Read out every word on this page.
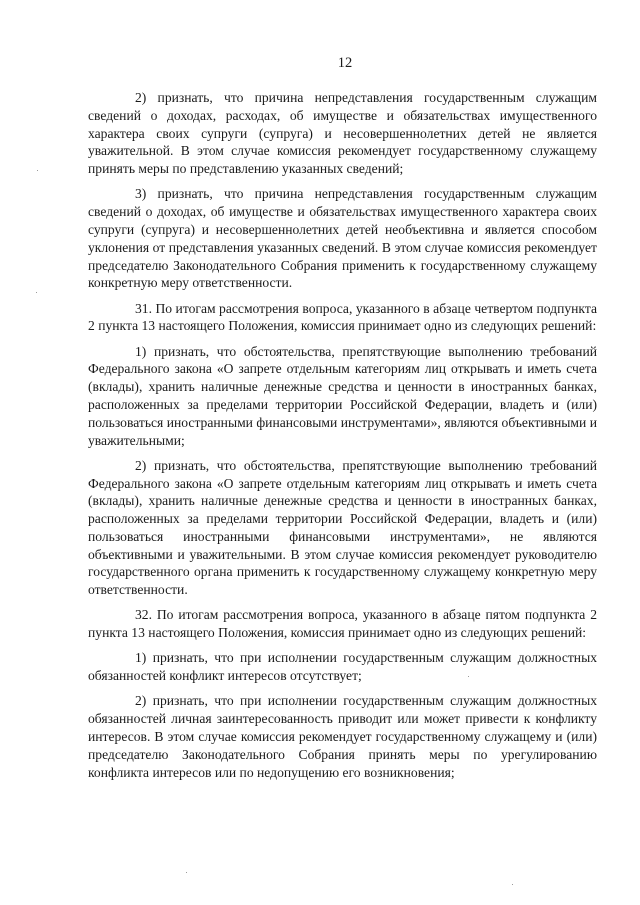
12

2) признать, что причина непредставления государственным служащим сведений о доходах, расходах, об имуществе и обязательствах имущественного характера своих супруги (супруга) и несовершеннолетних детей не является уважительной. В этом случае комиссия рекомендует государственному служащему принять меры по представлению указанных сведений;

3) признать, что причина непредставления государственным служащим сведений о доходах, об имуществе и обязательствах имущественного характера своих супруги (супруга) и несовершеннолетних детей необъективна и является способом уклонения от представления указанных сведений. В этом случае комиссия рекомендует председателю Законодательного Собрания применить к государственному служащему конкретную меру ответственности.

31. По итогам рассмотрения вопроса, указанного в абзаце четвертом подпункта 2 пункта 13 настоящего Положения, комиссия принимает одно из следующих решений:

1) признать, что обстоятельства, препятствующие выполнению требований Федерального закона «О запрете отдельным категориям лиц открывать и иметь счета (вклады), хранить наличные денежные средства и ценности в иностранных банках, расположенных за пределами территории Российской Федерации, владеть и (или) пользоваться иностранными финансовыми инструментами», являются объективными и уважительными;

2) признать, что обстоятельства, препятствующие выполнению требований Федерального закона «О запрете отдельным категориям лиц открывать и иметь счета (вклады), хранить наличные денежные средства и ценности в иностранных банках, расположенных за пределами территории Российской Федерации, владеть и (или) пользоваться иностранными финансовыми инструментами», не являются объективными и уважительными. В этом случае комиссия рекомендует руководителю государственного органа применить к государственному служащему конкретную меру ответственности.

32. По итогам рассмотрения вопроса, указанного в абзаце пятом подпункта 2 пункта 13 настоящего Положения, комиссия принимает одно из следующих решений:

1) признать, что при исполнении государственным служащим должностных обязанностей конфликт интересов отсутствует;

2) признать, что при исполнении государственным служащим должностных обязанностей личная заинтересованность приводит или может привести к конфликту интересов. В этом случае комиссия рекомендует государственному служащему и (или) председателю Законодательного Собрания принять меры по урегулированию конфликта интересов или по недопущению его возникновения;
